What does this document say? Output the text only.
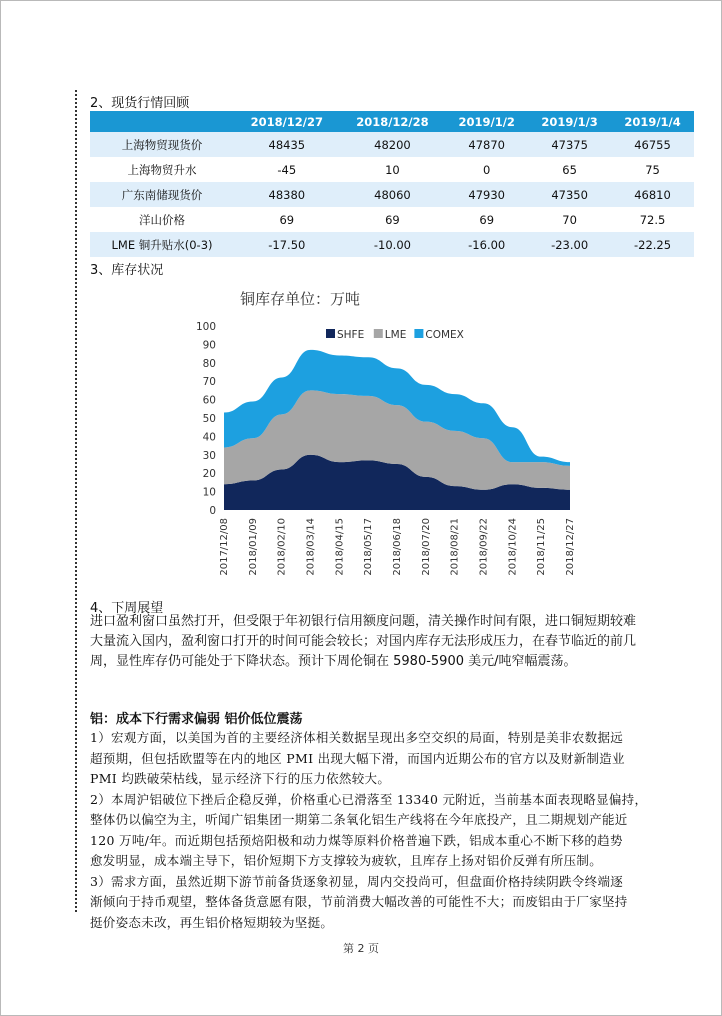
2、现货行情回顾
	2018/12/27	2018/12/28	2019/1/2	2019/1/3	2019/1/4
上海物贸现货价	48435	48200	47870	47375	46755
上海物贸升水	-45	10	0	65	75
广东南储现货价	48380	48060	47930	47350	46810
洋山价格	69	69	69	70	72.5
LME 铜升贴水(0-3)	-17.50	-10.00	-16.00	-23.00	-22.25
3、库存状况
铜库存单位：万吨
0
10
20
30
40
50
60
70
80
90
100
2017/12/08 2018/01/09 2018/02/10 2018/03/14 2018/04/15 2018/05/17 2018/06/18 2018/07/20 2018/08/21 2018/09/22 2018/10/24 2018/11/25 2018/12/27
SHFE LME COMEX
4、下周展望
进口盈利窗口虽然打开，但受限于年初银行信用额度问题，清关操作时间有限，进口铜短期较难
大量流入国内，盈利窗口打开的时间可能会较长；对国内库存无法形成压力，在春节临近的前几
周，显性库存仍可能处于下降状态。预计下周伦铜在 5980-5900 美元/吨窄幅震荡。
铝：成本下行需求偏弱 铝价低位震荡
1）宏观方面，以美国为首的主要经济体相关数据呈现出多空交织的局面，特别是美非农数据远
超预期，但包括欧盟等在内的地区 PMI 出现大幅下滑，而国内近期公布的官方以及财新制造业
PMI 均跌破荣枯线，显示经济下行的压力依然较大。
2）本周沪铝破位下挫后企稳反弹，价格重心已滑落至 13340 元附近，当前基本面表现略显偏持，
整体仍以偏空为主，听闻广铝集团一期第二条氧化铝生产线将在今年底投产，且二期规划产能近
120 万吨/年。而近期包括预焙阳极和动力煤等原料价格普遍下跌，铝成本重心不断下移的趋势
愈发明显，成本端主导下，铝价短期下方支撑较为疲软，且库存上扬对铝价反弹有所压制。
3）需求方面，虽然近期下游节前备货逐象初显，周内交投尚可，但盘面价格持续阴跌令终端逐
渐倾向于持币观望，整体备货意愿有限，节前消费大幅改善的可能性不大；而废铝由于厂家坚持
挺价姿态未改，再生铝价格短期较为坚挺。
第 2 页
